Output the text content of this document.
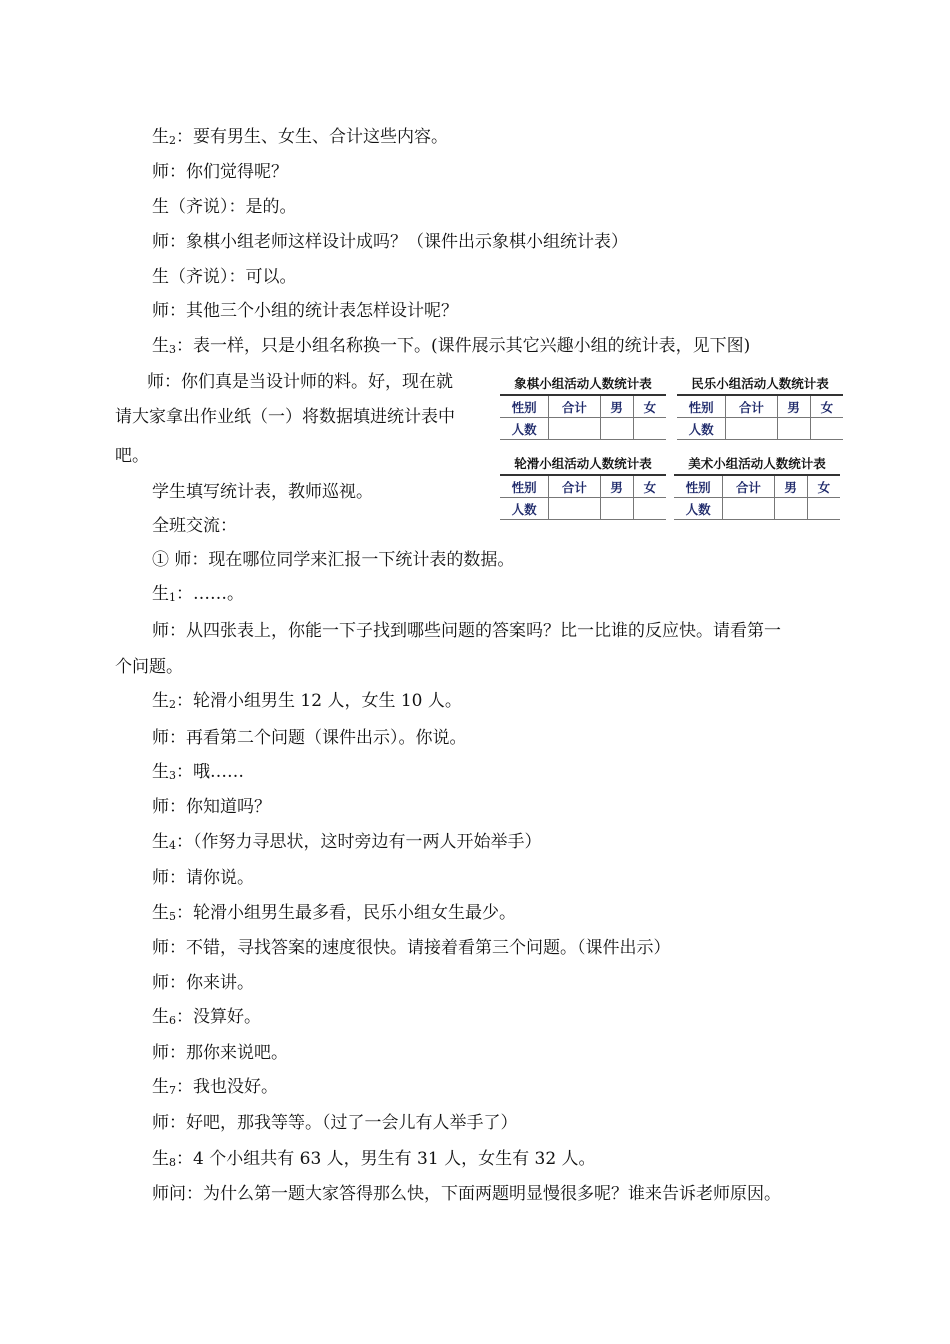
生$_2$：要有男生、女生、合计这些内容。
师：你们觉得呢？
生（齐说）：是的。
师：象棋小组老师这样设计成吗？（课件出示象棋小组统计表）
生（齐说）：可以。
师：其他三个小组的统计表怎样设计呢？
生$_3$：表一样，只是小组名称换一下。(课件展示其它兴趣小组的统计表，见下图)
师：你们真是当设计师的料。好，现在就
请大家拿出作业纸（一）将数据填进统计表中
吧。
学生填写统计表，教师巡视。
全班交流：
① 师：现在哪位同学来汇报一下统计表的数据。
生$_1$：……。
师：从四张表上，你能一下子找到哪些问题的答案吗？比一比谁的反应快。请看第一
个问题。
生$_2$：轮滑小组男生 12 人，女生 10 人。
师：再看第二个问题（课件出示）。你说。
生$_3$：哦……
师：你知道吗？
生$_4$：（作努力寻思状，这时旁边有一两人开始举手）
师：请你说。
生$_5$：轮滑小组男生最多看，民乐小组女生最少。
师：不错，寻找答案的速度很快。请接着看第三个问题。（课件出示）
师：你来讲。
生$_6$：没算好。
师：那你来说吧。
生$_7$：我也没好。
师：好吧，那我等等。（过了一会儿有人举手了）
生$_8$：4 个小组共有 63 人，男生有 31 人，女生有 32 人。
师问：为什么第一题大家答得那么快，下面两题明显慢很多呢？谁来告诉老师原因。
象棋小组活动人数统计表
性别	合计	男	女
人数			
民乐小组活动人数统计表
性别	合计	男	女
人数			
轮滑小组活动人数统计表
性别	合计	男	女
人数			
美术小组活动人数统计表
性别	合计	男	女
人数			
